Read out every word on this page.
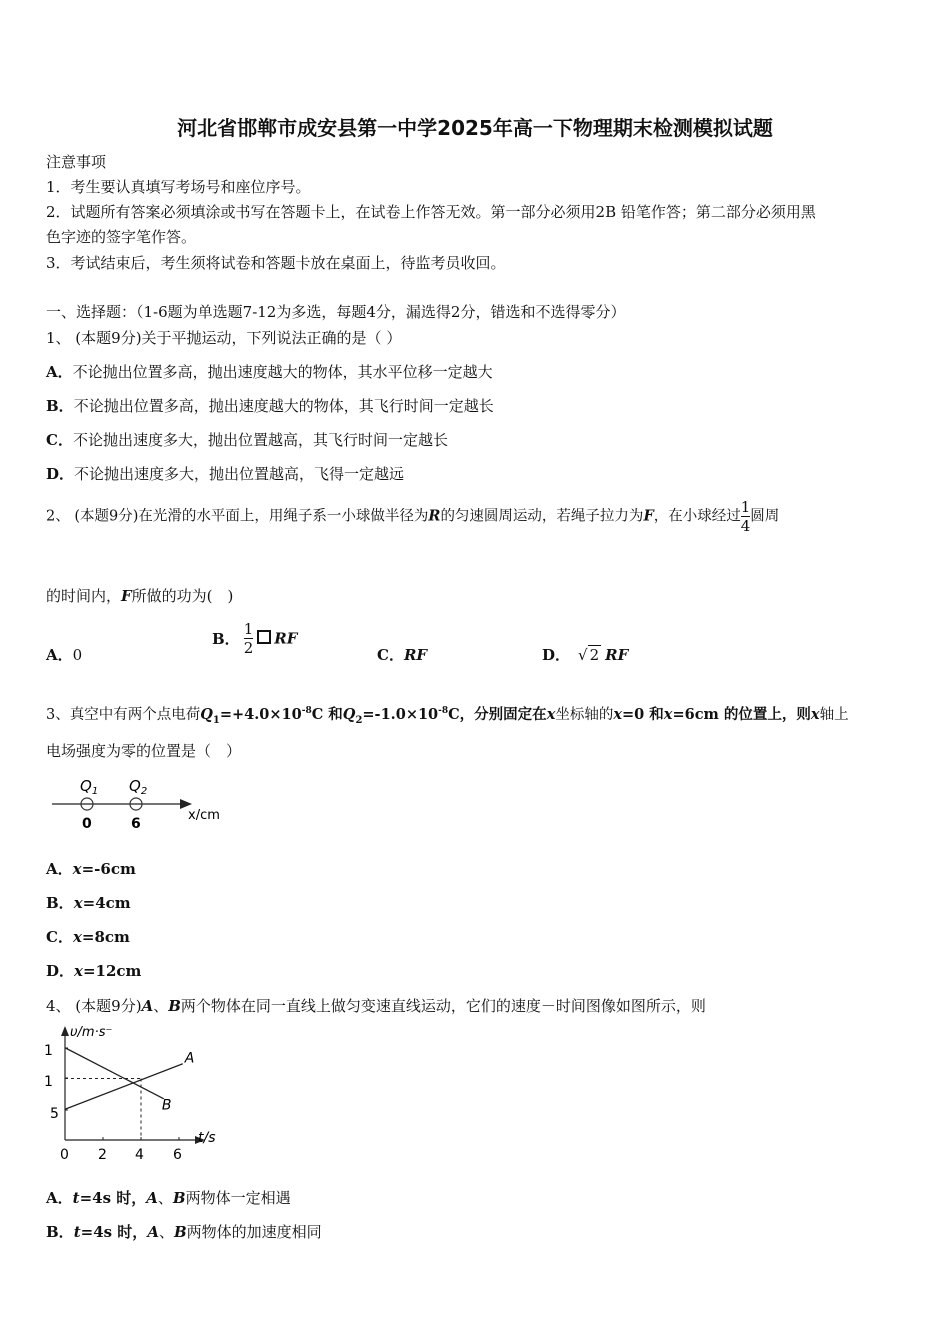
河北省邯郸市成安县第一中学2025年高一下物理期末检测模拟试题
注意事项
1．考生要认真填写考场号和座位序号。
2．试题所有答案必须填涂或书写在答题卡上，在试卷上作答无效。第一部分必须用2B 铅笔作答；第二部分必须用黑
色字迹的签字笔作答。
3．考试结束后，考生须将试卷和答题卡放在桌面上，待监考员收回。
一、选择题：（1-6题为单选题7-12为多选，每题4分，漏选得2分，错选和不选得零分）
1、 (本题9分)关于平抛运动，下列说法正确的是（ ）
A．不论抛出位置多高，抛出速度越大的物体，其水平位移一定越大
B．不论抛出位置多高，抛出速度越大的物体，其飞行时间一定越长
C．不论抛出速度多大，抛出位置越高，其飞行时间一定越长
D．不论抛出速度多大，抛出位置越高，飞得一定越远
2、 (本题9分)在光滑的水平面上，用绳子系一小球做半径为R的匀速圆周运动，若绳子拉力为F，在小球经过 $\frac{1}{4}$ 圆周
的时间内，F所做的功为(　)
A．0
B． $\frac{1}{2}$ RF
C．RF	D． √ 2 RF
3、真空中有两个点电荷$Q_1=+4.0\times 10^{-8}C$ 和$Q_2=-1.0\times 10^{-8}C$，分别固定在x坐标轴的x=0 和x=6cm 的位置上，则x轴上
电场强度为零的位置是（　）
$Q_1$ $Q_2$
0	6
x/cm
A．x=-6cm
B．x=4cm
C．x=8cm
D．x=12cm
4、 (本题9分)A、B两个物体在同一直线上做匀变速直线运动，它们的速度－时间图像如图所示，则
υ/m·s⁻
t/s
1
1
5
0 2 4 6
A
B
A．t=4s 时，A、B两物体一定相遇
B．t=4s 时，A、B两物体的加速度相同
